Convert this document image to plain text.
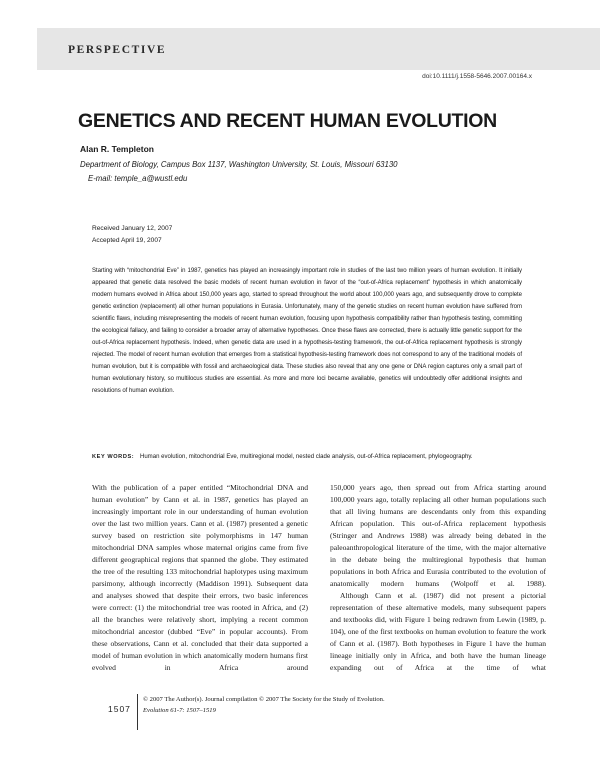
PERSPECTIVE
doi:10.1111/j.1558-5646.2007.00164.x
GENETICS AND RECENT HUMAN EVOLUTION
Alan R. Templeton
Department of Biology, Campus Box 1137, Washington University, St. Louis, Missouri 63130
E-mail: temple_a@wustl.edu
Received January 12, 2007
Accepted April 19, 2007

Starting with “mitochondrial Eve” in 1987, genetics has played an increasingly important role in studies of the last two million years of human evolution. It initially appeared that genetic data resolved the basic models of recent human evolution in favor of the “out-of-Africa replacement” hypothesis in which anatomically modern humans evolved in Africa about 150,000 years ago, started to spread throughout the world about 100,000 years ago, and subsequently drove to complete genetic extinction (replacement) all other human populations in Eurasia. Unfortunately, many of the genetic studies on recent human evolution have suffered from scientific flaws, including misrepresenting the models of recent human evolution, focusing upon hypothesis compatibility rather than hypothesis testing, committing the ecological fallacy, and failing to consider a broader array of alternative hypotheses. Once these flaws are corrected, there is actually little genetic support for the out-of-Africa replacement hypothesis. Indeed, when genetic data are used in a hypothesis-testing framework, the out-of-Africa replacement hypothesis is strongly rejected. The model of recent human evolution that emerges from a statistical hypothesis-testing framework does not correspond to any of the traditional models of human evolution, but it is compatible with fossil and archaeological data. These studies also reveal that any one gene or DNA region captures only a small part of human evolutionary history, so multilocus studies are essential. As more and more loci became available, genetics will undoubtedly offer additional insights and resolutions of human evolution.

KEY WORDS: Human evolution, mitochondrial Eve, multiregional model, nested clade analysis, out-of-Africa replacement, phylogeography.

With the publication of a paper entitled “Mitochondrial DNA and human evolution” by Cann et al. in 1987, genetics has played an increasingly important role in our understanding of human evolution over the last two million years. Cann et al. (1987) presented a genetic survey based on restriction site polymorphisms in 147 human mitochondrial DNA samples whose maternal origins came from five different geographical regions that spanned the globe. They estimated the tree of the resulting 133 mitochondrial haplotypes using maximum parsimony, although incorrectly (Maddison 1991). Subsequent data and analyses showed that despite their errors, two basic inferences were correct: (1) the mitochondrial tree was rooted in Africa, and (2) all the branches were relatively short, implying a recent common mitochondrial ancestor (dubbed “Eve” in popular accounts). From these observations, Cann et al. concluded that their data supported a model of human evolution in which anatomically modern humans first evolved in Africa around
150,000 years ago, then spread out from Africa starting around 100,000 years ago, totally replacing all other human populations such that all living humans are descendants only from this expanding African population. This out-of-Africa replacement hypothesis (Stringer and Andrews 1988) was already being debated in the paleoanthropological literature of the time, with the major alternative in the debate being the multiregional hypothesis that human populations in both Africa and Eurasia contributed to the evolution of anatomically modern humans (Wolpoff et al. 1988).
Although Cann et al. (1987) did not present a pictorial representation of these alternative models, many subsequent papers and textbooks did, with Figure 1 being redrawn from Lewin (1989, p. 104), one of the first textbooks on human evolution to feature the work of Cann et al. (1987). Both hypotheses in Figure 1 have the human lineage initially only in Africa, and both have the human lineage expanding out of Africa at the time of what
1507
© 2007 The Author(s). Journal compilation © 2007 The Society for the Study of Evolution.
Evolution 61-7: 1507–1519
